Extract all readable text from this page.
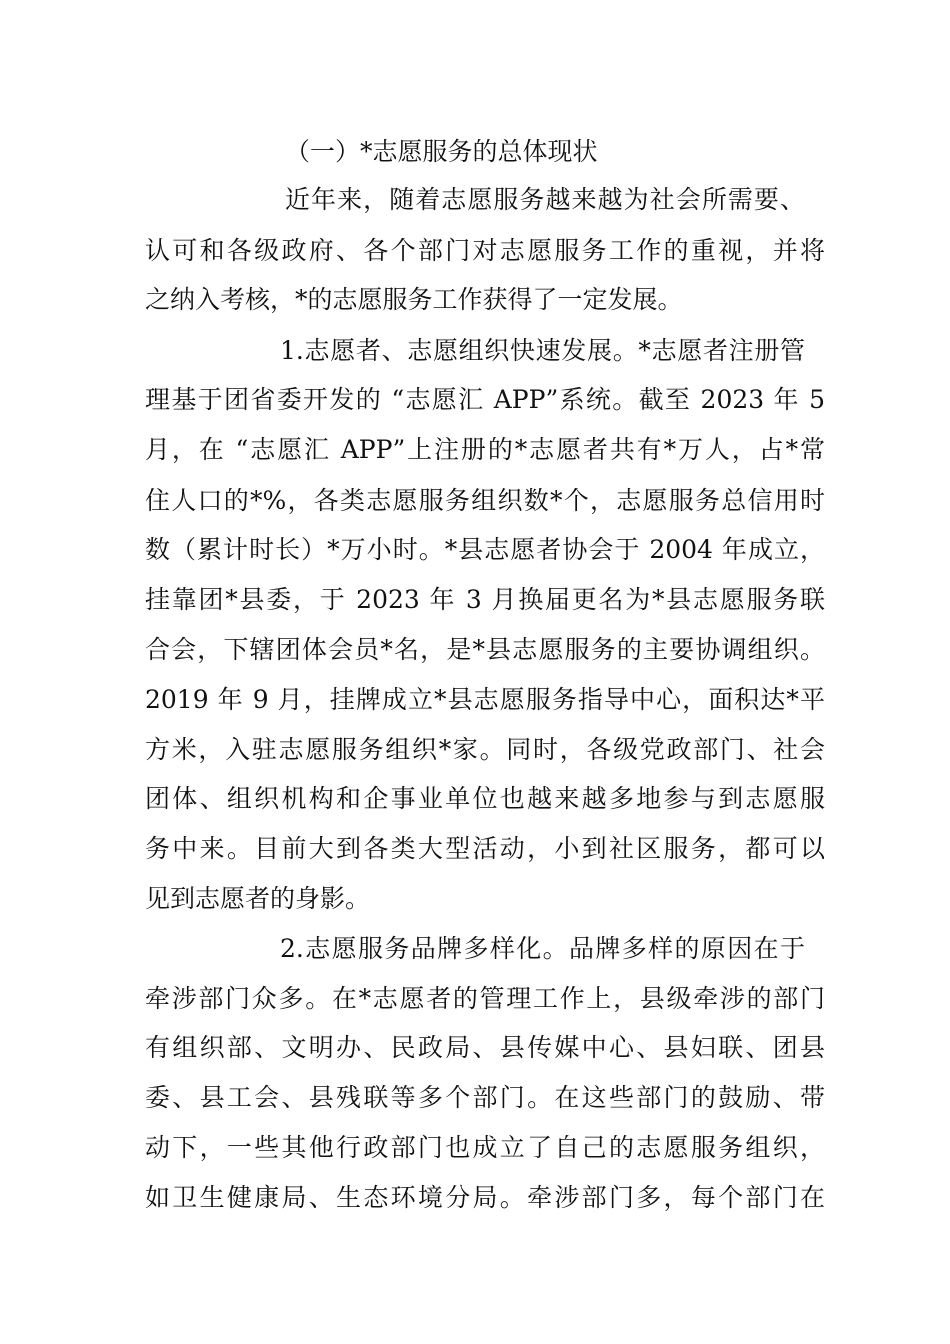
（一）*志愿服务的总体现状

近年来，随着志愿服务越来越为社会所需要、

认可和各级政府、各个部门对志愿服务工作的重视，并将

之纳入考核，*的志愿服务工作获得了一定发展。

1.志愿者、志愿组织快速发展。*志愿者注册管

理基于团省委开发的 “志愿汇 APP”系统。截至 2023 年 5

月，在 “志愿汇 APP”上注册的*志愿者共有*万人，占*常

住人口的*%，各类志愿服务组织数*个，志愿服务总信用时

数（累计时长）*万小时。*县志愿者协会于 2004 年成立，

挂靠团*县委，于 2023 年 3 月换届更名为*县志愿服务联

合会，下辖团体会员*名，是*县志愿服务的主要协调组织。

2019 年 9 月，挂牌成立*县志愿服务指导中心，面积达*平

方米，入驻志愿服务组织*家。同时，各级党政部门、社会

团体、组织机构和企事业单位也越来越多地参与到志愿服

务中来。目前大到各类大型活动，小到社区服务，都可以

见到志愿者的身影。

2.志愿服务品牌多样化。品牌多样的原因在于

牵涉部门众多。在*志愿者的管理工作上，县级牵涉的部门

有组织部、文明办、民政局、县传媒中心、县妇联、团县

委、县工会、县残联等多个部门。在这些部门的鼓励、带

动下，一些其他行政部门也成立了自己的志愿服务组织，

如卫生健康局、生态环境分局。牵涉部门多，每个部门在
